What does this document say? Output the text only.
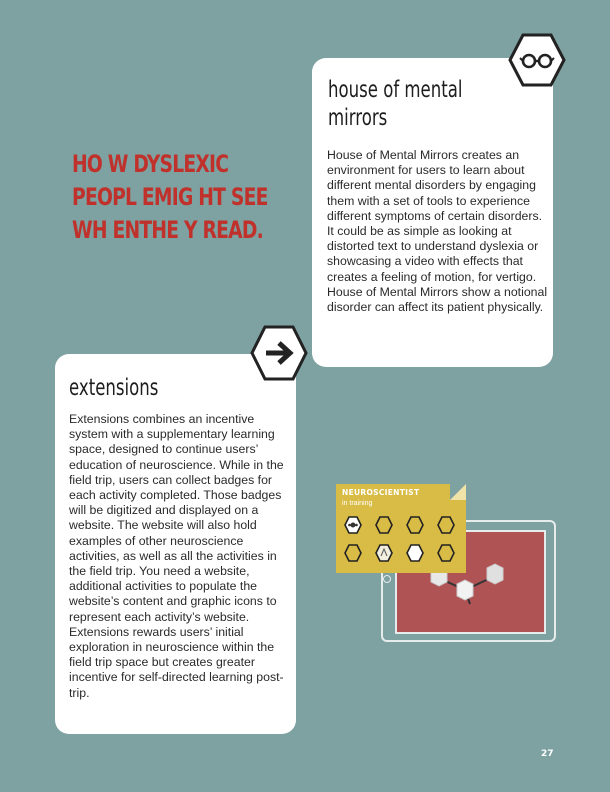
HO W DYSLEXIC
PEOPL EMIG HT SEE
WH ENTHE Y READ.
house of mental
mirrors
House of Mental Mirrors creates an environment for users to learn about different mental disorders by engaging them with a set of tools to experience different symptoms of certain disorders. It could be as simple as looking at distorted text to understand dyslexia or showcasing a video with effects that creates a feeling of motion, for vertigo. House of Mental Mirrors show a notional disorder can affect its patient physically.
extensions
Extensions combines an incentive system with a supplementary learning space, designed to continue users’ education of neuroscience. While in the field trip, users can collect badges for each activity completed. Those badges will be digitized and displayed on a website. The website will also hold examples of other neuroscience activities, as well as all the activities in the field trip. You need a website, additional activities to populate the website’s content and graphic icons to represent each activity’s website. Extensions rewards users’ initial exploration in neuroscience within the field trip space but creates greater incentive for self-directed learning post-trip.
NEUROSCIENTIST
in training
27
